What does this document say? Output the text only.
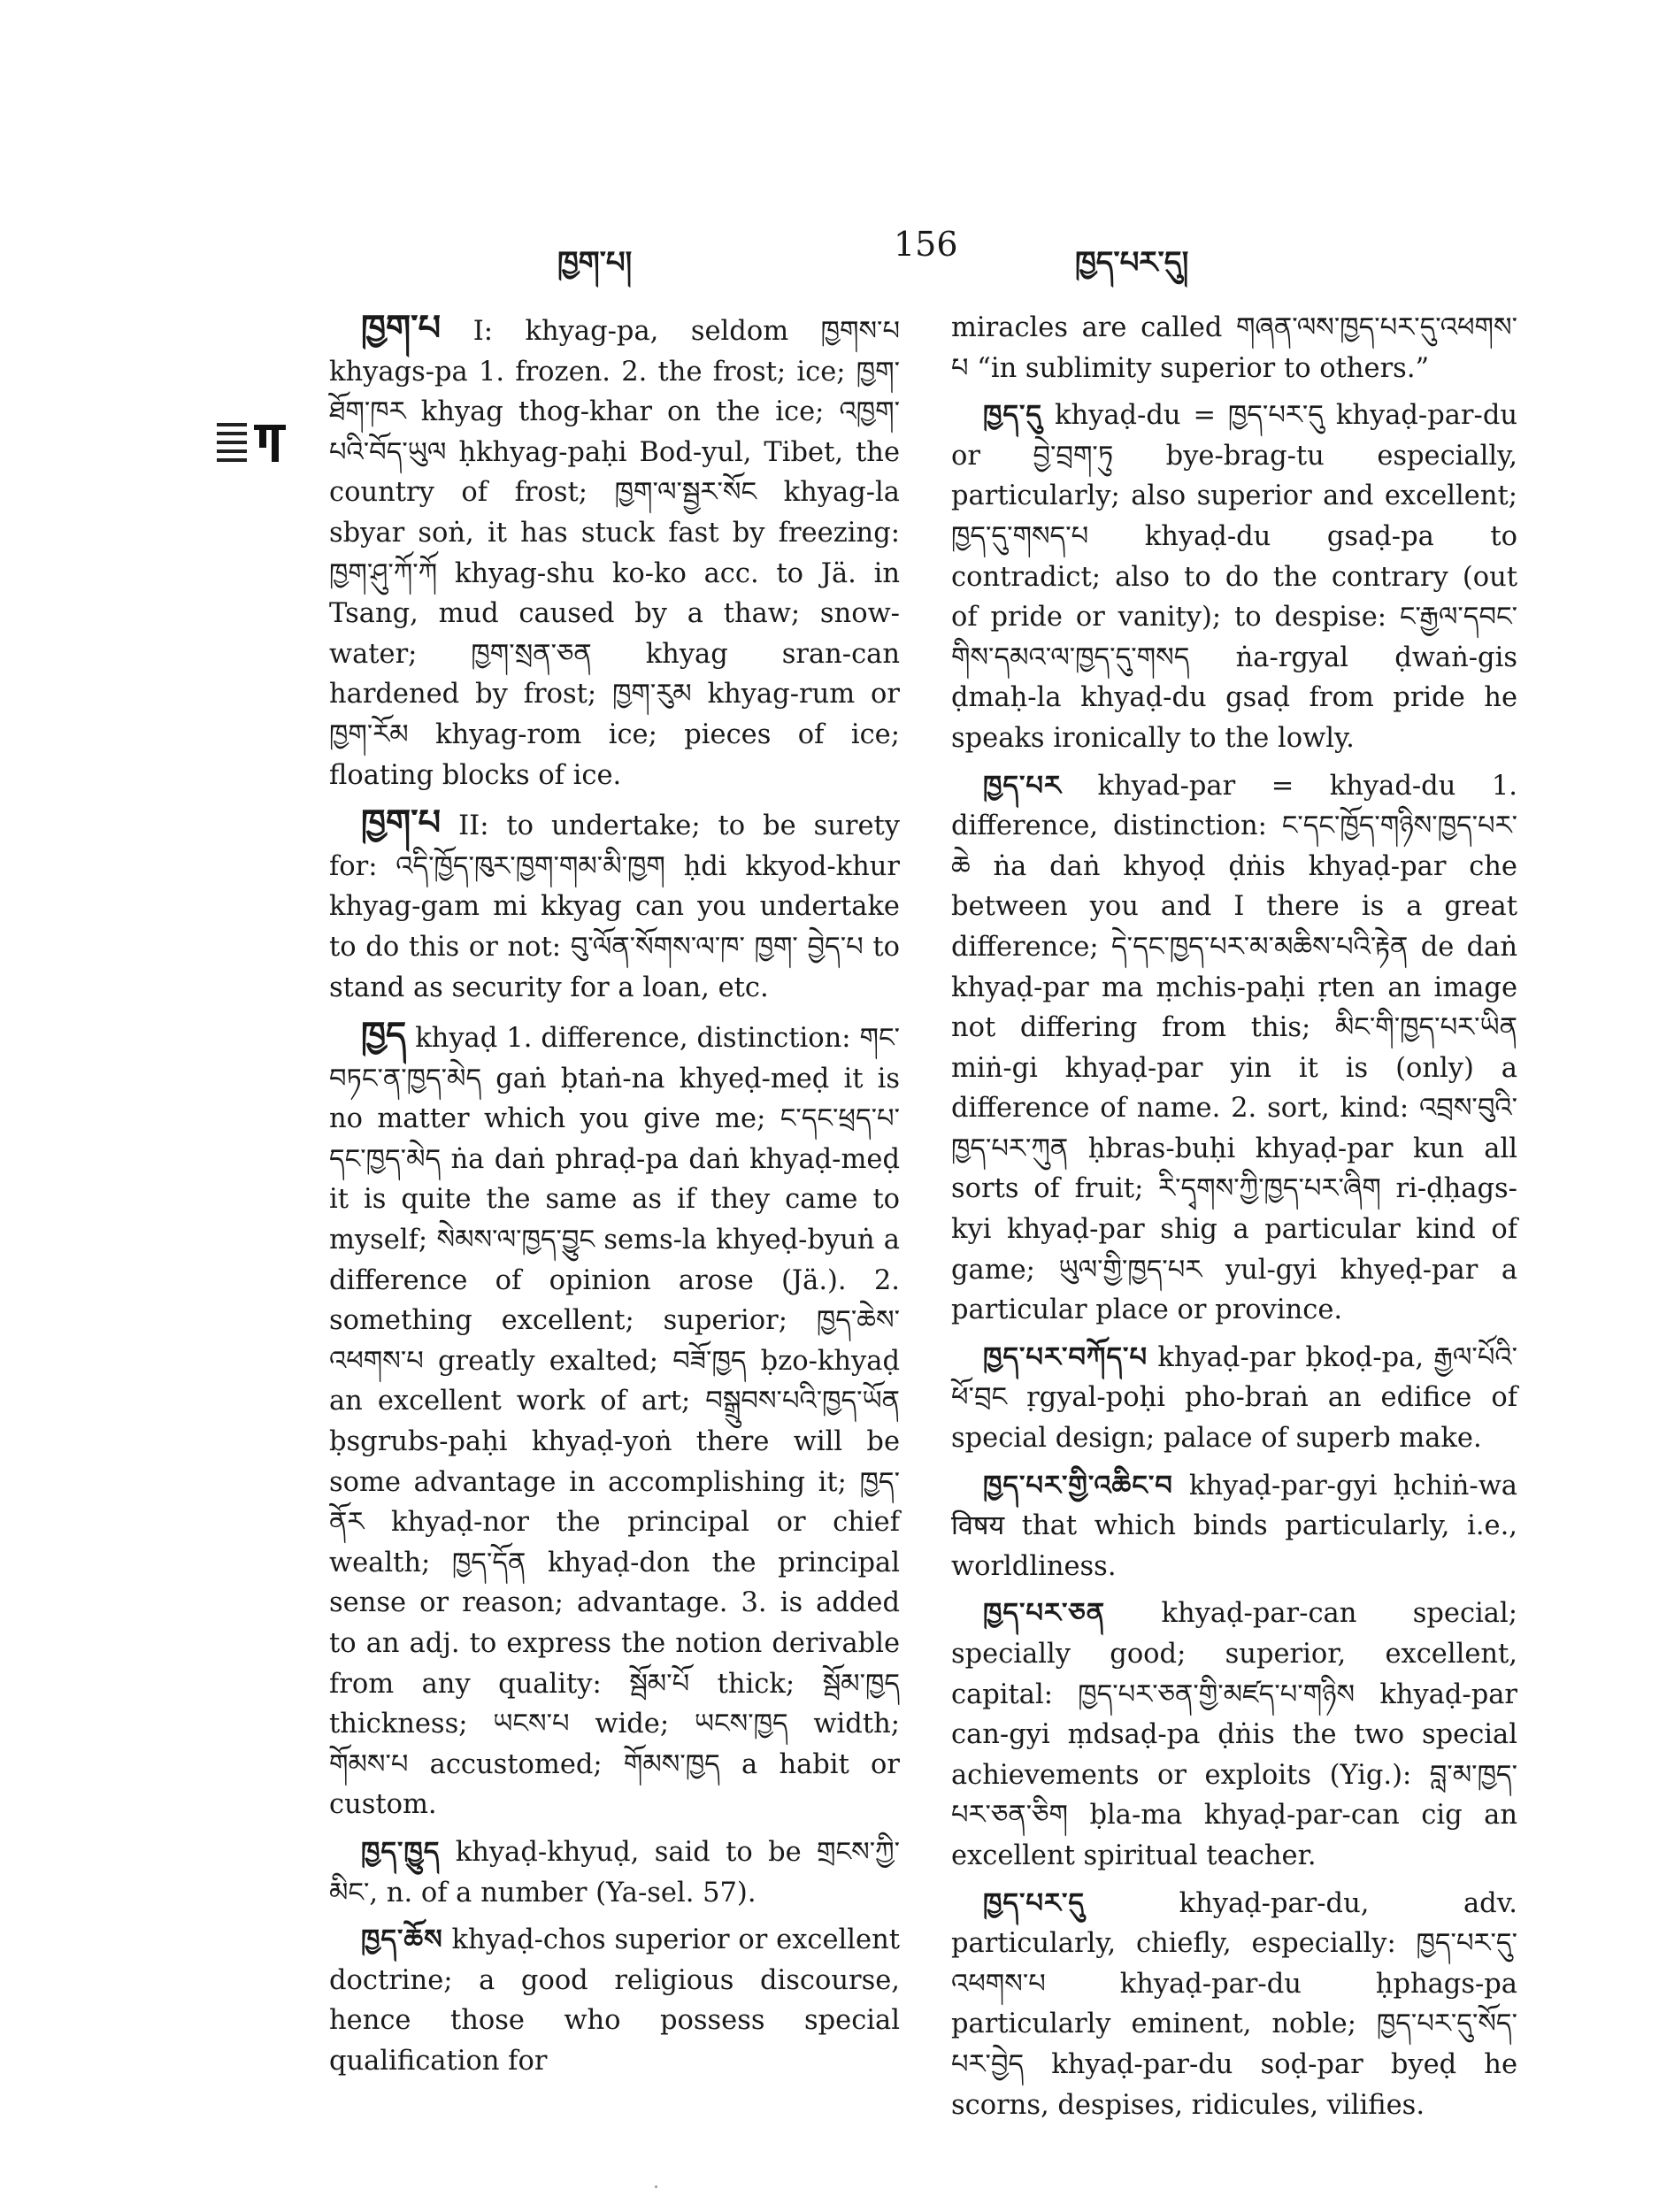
ཁྱག་པ།	156	ཁྱད་པར་དུ།

ཁྱག་པ I: khyag-pa, seldom ཁྱགས་པ khyags-pa 1. frozen. 2. the frost; ice; ཁྱག་ཐོག་ཁར khyag thog-khar on the ice; འཁྱག་པའི་བོད་ཡུལ ḥkhyag-paḥi Bod-yul, Tibet, the country of frost; ཁྱག་ལ་སྦྱར་སོང khyag-la sbyar soṅ, it has stuck fast by freezing: ཁྱག་ཤུ་ཀོ་ཀོ khyag-shu ko-ko acc. to Jä. in Tsang, mud caused by a thaw; snow-water; ཁྱག་སྲན་ཅན khyag sran-can hardened by frost; ཁྱག་རུམ khyag-rum or ཁྱག་རོམ khyag-rom ice; pieces of ice; floating blocks of ice.

ཁྱག་པ II: to undertake; to be surety for: འདི་ཁྱོད་ཁུར་ཁྱག་གམ་མི་ཁྱག ḥdi kkyod-khur khyag-gam mi kkyag can you undertake to do this or not: བུ་ལོན་སོགས་ལ་ཁ་ ཁྱག་ བྱེད་པ to stand as security for a loan, etc.

ཁྱད khyaḍ 1. difference, distinction: གང་བཏང་ན་ཁྱད་མེད gaṅ ḅtaṅ-na khyeḍ-meḍ it is no matter which you give me; ང་དང་ཕྲད་པ་དང་ཁྱད་མེད ṅa daṅ phraḍ-pa daṅ khyaḍ-meḍ it is quite the same as if they came to myself; སེམས་ལ་ཁྱད་བྱུང sems-la khyeḍ-byuṅ a difference of opinion arose (Jä.). 2. something excellent; superior; ཁྱད་ཆེས་འཕགས་པ greatly exalted; བཟོ་ཁྱད ḅzo-khyaḍ an excellent work of art; བསྒྲུབས་པའི་ཁྱད་ཡོན ḅsgrubs-paḥi khyaḍ-yoṅ there will be some advantage in accomplishing it; ཁྱད་ནོར khyaḍ-nor the principal or chief wealth; ཁྱད་དོན khyaḍ-don the principal sense or reason; advantage. 3. is added to an adj. to express the notion derivable from any quality: སྦོམ་པོ thick; སྦོམ་ཁྱད thickness; ཡངས་པ wide; ཡངས་ཁྱད width; གོམས་པ accustomed; གོམས་ཁྱད a habit or custom.

ཁྱད་ཁྱུད khyaḍ-khyuḍ, said to be གྲངས་ཀྱི་མིང་, n. of a number (Ya-sel. 57).

ཁྱད་ཆོས khyaḍ-chos superior or excellent doctrine; a good religious discourse, hence those who possess special qualification for

miracles are called གཞན་ལས་ཁྱད་པར་དུ་འཕགས་པ “in sublimity superior to others.”

ཁྱད་དུ khyaḍ-du = ཁྱད་པར་དུ khyaḍ-par-du or བྱེ་བྲག་ཏུ bye-brag-tu especially, particularly; also superior and excellent; ཁྱད་དུ་གསད་པ khyaḍ-du gsaḍ-pa to contradict; also to do the contrary (out of pride or vanity); to despise: ང་རྒྱལ་དབང་གིས་དམའ་ལ་ཁྱད་དུ་གསད ṅa-rgyal ḍwaṅ-gis ḍmaḥ-la khyaḍ-du gsaḍ from pride he speaks ironically to the lowly.

ཁྱད་པར khyad-par = khyad-du 1. difference, distinction: ང་དང་ཁྱོད་གཉིས་ཁྱད་པར་ཆེ ṅa daṅ khyoḍ ḍṅis khyaḍ-par che between you and I there is a great difference; དེ་དང་ཁྱད་པར་མ་མཆིས་པའི་རྟེན de daṅ khyaḍ-par ma ṃchis-paḥi ṛten an image not differing from this; མིང་གི་ཁྱད་པར་ཡིན miṅ-gi khyaḍ-par yin it is (only) a difference of name. 2. sort, kind: འབྲས་བུའི་ཁྱད་པར་ཀུན ḥbras-buḥi khyaḍ-par kun all sorts of fruit; རི་དྭགས་ཀྱི་ཁྱད་པར་ཞིག ri-ḍḥags-kyi khyaḍ-par shig a particular kind of game; ཡུལ་གྱི་ཁྱད་པར yul-gyi khyeḍ-par a particular place or province.

ཁྱད་པར་བཀོད་པ khyaḍ-par ḅkoḍ-pa, རྒྱལ་པོའི་ཕོ་བྲང ṛgyal-poḥi pho-braṅ an edifice of special design; palace of superb make.

ཁྱད་པར་གྱི་འཆིང་བ khyaḍ-par-gyi ḥchiṅ-wa विषय that which binds particularly, i.e., worldliness.

ཁྱད་པར་ཅན khyaḍ-par-can special; specially good; superior, excellent, capital: ཁྱད་པར་ཅན་གྱི་མཛད་པ་གཉིས khyaḍ-par can-gyi ṃdsaḍ-pa ḍṅis the two special achievements or exploits (Yig.): བླ་མ་ཁྱད་པར་ཅན་ཅིག ḅla-ma khyaḍ-par-can cig an excellent spiritual teacher.

ཁྱད་པར་དུ khyaḍ-par-du, adv. particularly, chiefly, especially: ཁྱད་པར་དུ་འཕགས་པ khyaḍ-par-du ḥphags-pa particularly eminent, noble; ཁྱད་པར་དུ་སོད་པར་བྱེད khyaḍ-par-du soḍ-par byeḍ he scorns, despises, ridicules, vilifies.
